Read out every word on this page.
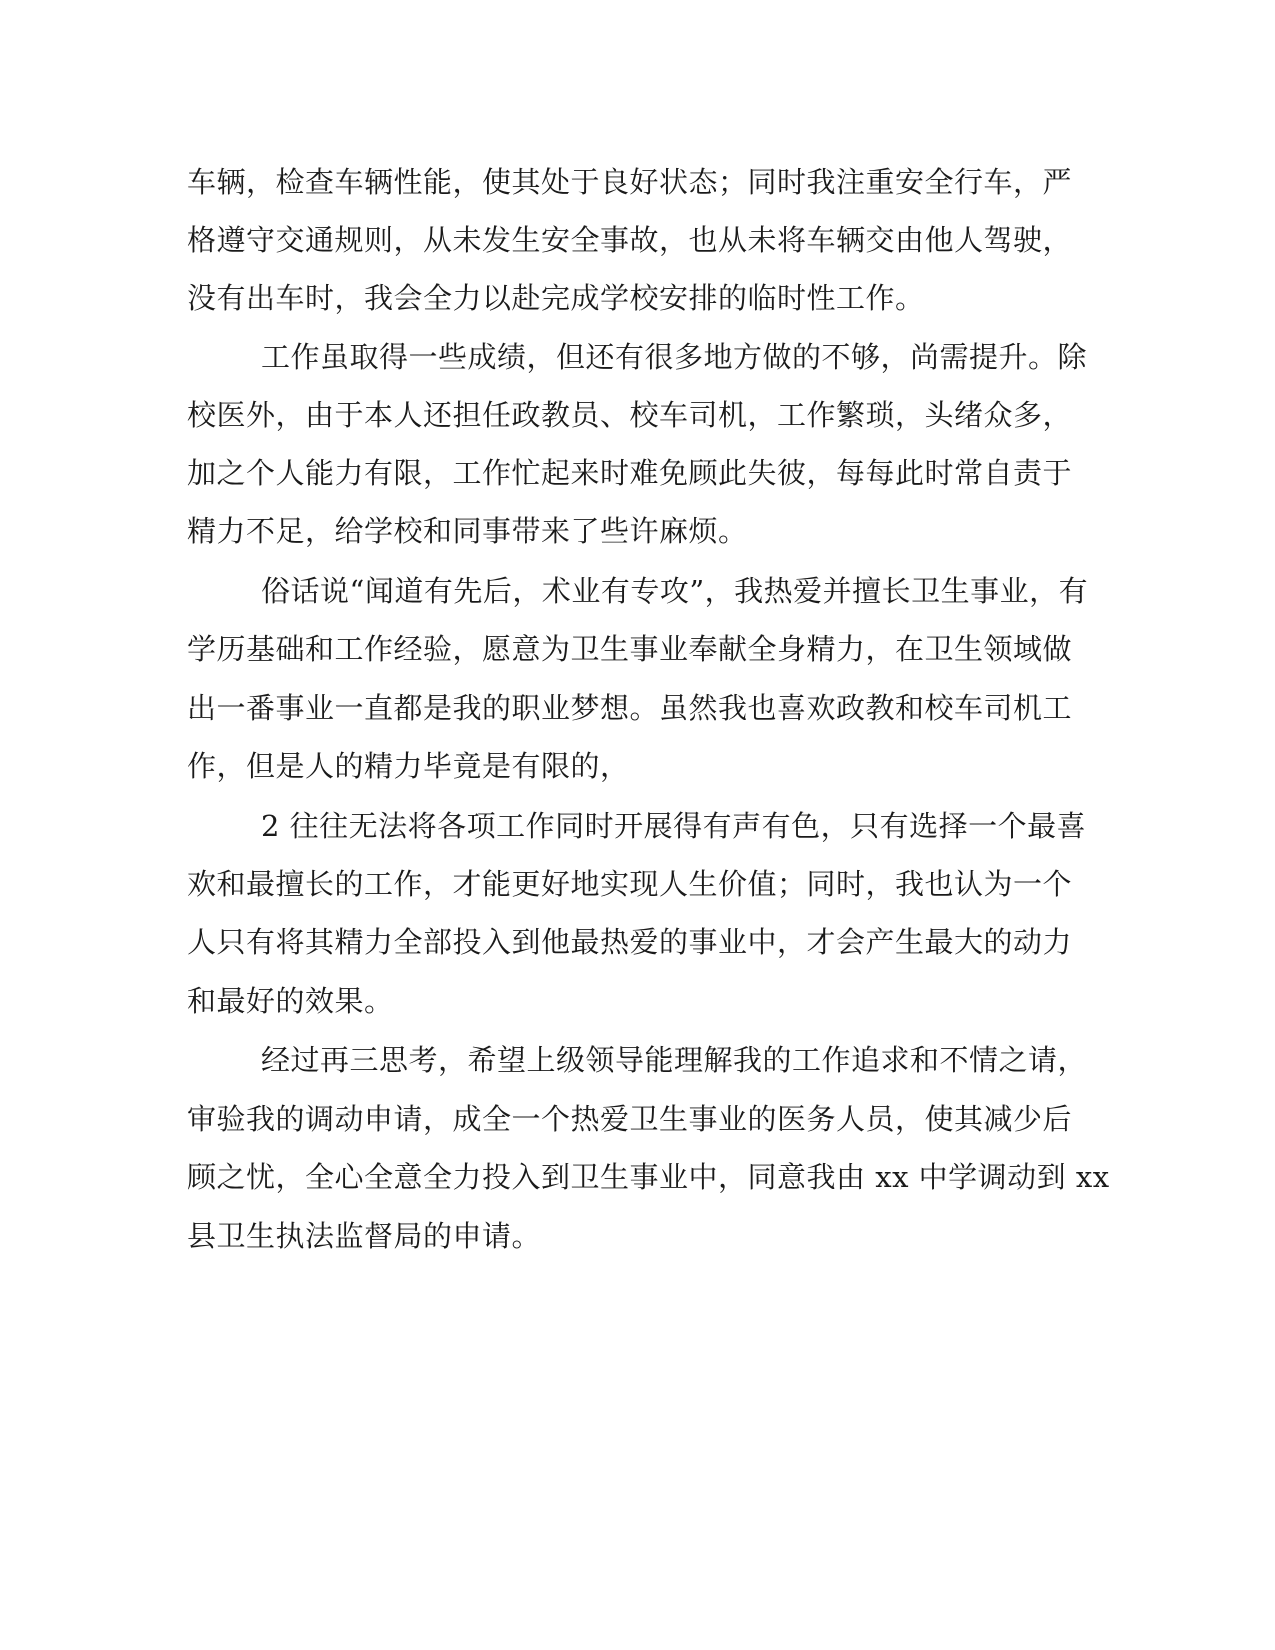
车辆，检查车辆性能，使其处于良好状态；同时我注重安全行车，严
格遵守交通规则，从未发生安全事故，也从未将车辆交由他人驾驶，
没有出车时，我会全力以赴完成学校安排的临时性工作。
工作虽取得一些成绩，但还有很多地方做的不够，尚需提升。除
校医外，由于本人还担任政教员、校车司机，工作繁琐，头绪众多，
加之个人能力有限，工作忙起来时难免顾此失彼，每每此时常自责于
精力不足，给学校和同事带来了些许麻烦。
俗话说“闻道有先后，术业有专攻”，我热爱并擅长卫生事业，有
学历基础和工作经验，愿意为卫生事业奉献全身精力，在卫生领域做
出一番事业一直都是我的职业梦想。虽然我也喜欢政教和校车司机工
作，但是人的精力毕竟是有限的，
2 往往无法将各项工作同时开展得有声有色，只有选择一个最喜
欢和最擅长的工作，才能更好地实现人生价值；同时，我也认为一个
人只有将其精力全部投入到他最热爱的事业中，才会产生最大的动力
和最好的效果。
经过再三思考，希望上级领导能理解我的工作追求和不情之请，
审验我的调动申请，成全一个热爱卫生事业的医务人员，使其减少后
顾之忧，全心全意全力投入到卫生事业中，同意我由 xx 中学调动到 xx
县卫生执法监督局的申请。
